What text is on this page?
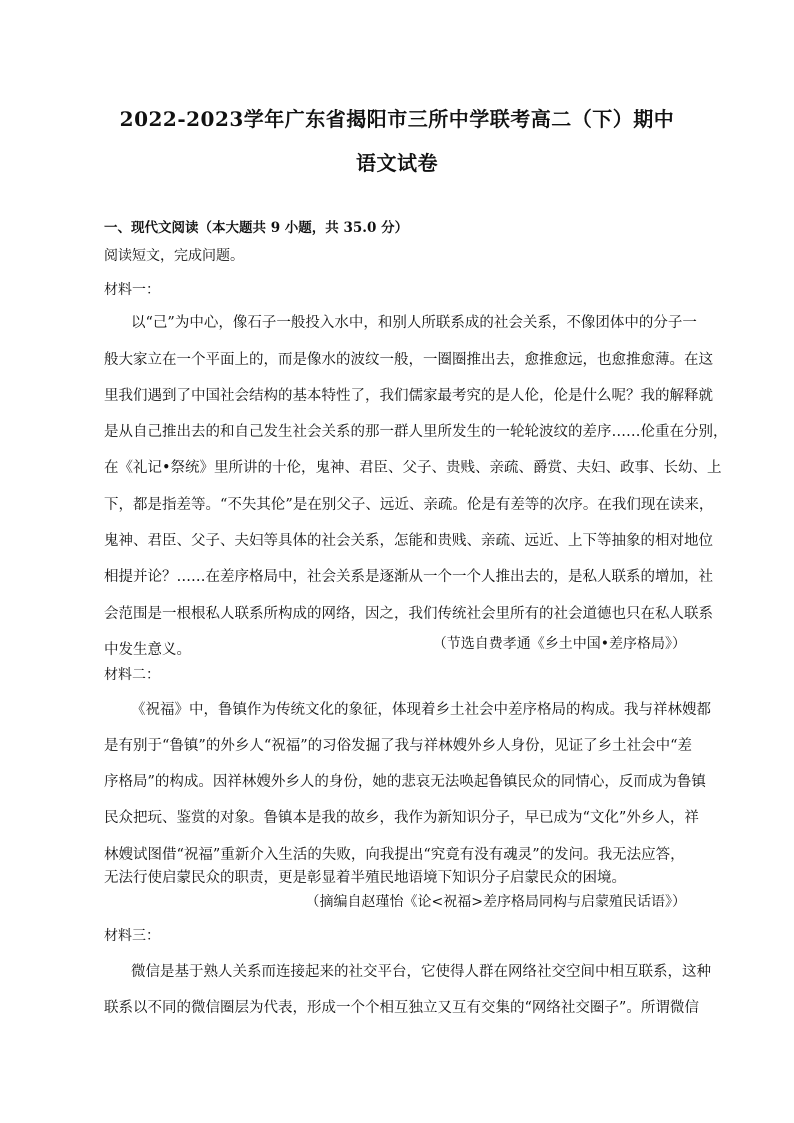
2022-2023学年广东省揭阳市三所中学联考高二（下）期中
语文试卷
一、现代文阅读（本大题共 9 小题，共 35.0 分）
阅读短文，完成问题。
材料一：
以“己”为中心，像石子一般投入水中，和别人所联系成的社会关系，不像团体中的分子一
般大家立在一个平面上的，而是像水的波纹一般，一圈圈推出去，愈推愈远，也愈推愈薄。在这
里我们遇到了中国社会结构的基本特性了，我们儒家最考究的是人伦，伦是什么呢？我的解释就
是从自己推出去的和自己发生社会关系的那一群人里所发生的一轮轮波纹的差序……伦重在分别，
在《礼记•祭统》里所讲的十伦，鬼神、君臣、父子、贵贱、亲疏、爵赏、夫妇、政事、长幼、上
下，都是指差等。“不失其伦”是在别父子、远近、亲疏。伦是有差等的次序。在我们现在读来，
鬼神、君臣、父子、夫妇等具体的社会关系，怎能和贵贱、亲疏、远近、上下等抽象的相对地位
相提并论？……在差序格局中，社会关系是逐渐从一个一个人推出去的，是私人联系的增加，社
会范围是一根根私人联系所构成的网络，因之，我们传统社会里所有的社会道德也只在私人联系
中发生意义。	（节选自费孝通《乡土中国•差序格局》）
材料二：
《祝福》中，鲁镇作为传统文化的象征，体现着乡土社会中差序格局的构成。我与祥林嫂都
是有别于“鲁镇”的外乡人“祝福”的习俗发掘了我与祥林嫂外乡人身份，见证了乡土社会中“差
序格局”的构成。因祥林嫂外乡人的身份，她的悲哀无法唤起鲁镇民众的同情心，反而成为鲁镇
民众把玩、鉴赏的对象。鲁镇本是我的故乡，我作为新知识分子，早已成为“文化”外乡人，祥
林嫂试图借“祝福”重新介入生活的失败，向我提出“究竟有没有魂灵”的发问。我无法应答，
无法行使启蒙民众的职责，更是彰显着半殖民地语境下知识分子启蒙民众的困境。
（摘编自赵瑾怡《论<祝福>差序格局同构与启蒙殖民话语》）
材料三：
微信是基于熟人关系而连接起来的社交平台，它使得人群在网络社交空间中相互联系，这种
联系以不同的微信圈层为代表，形成一个个相互独立又互有交集的“网络社交圈子”。所谓微信
